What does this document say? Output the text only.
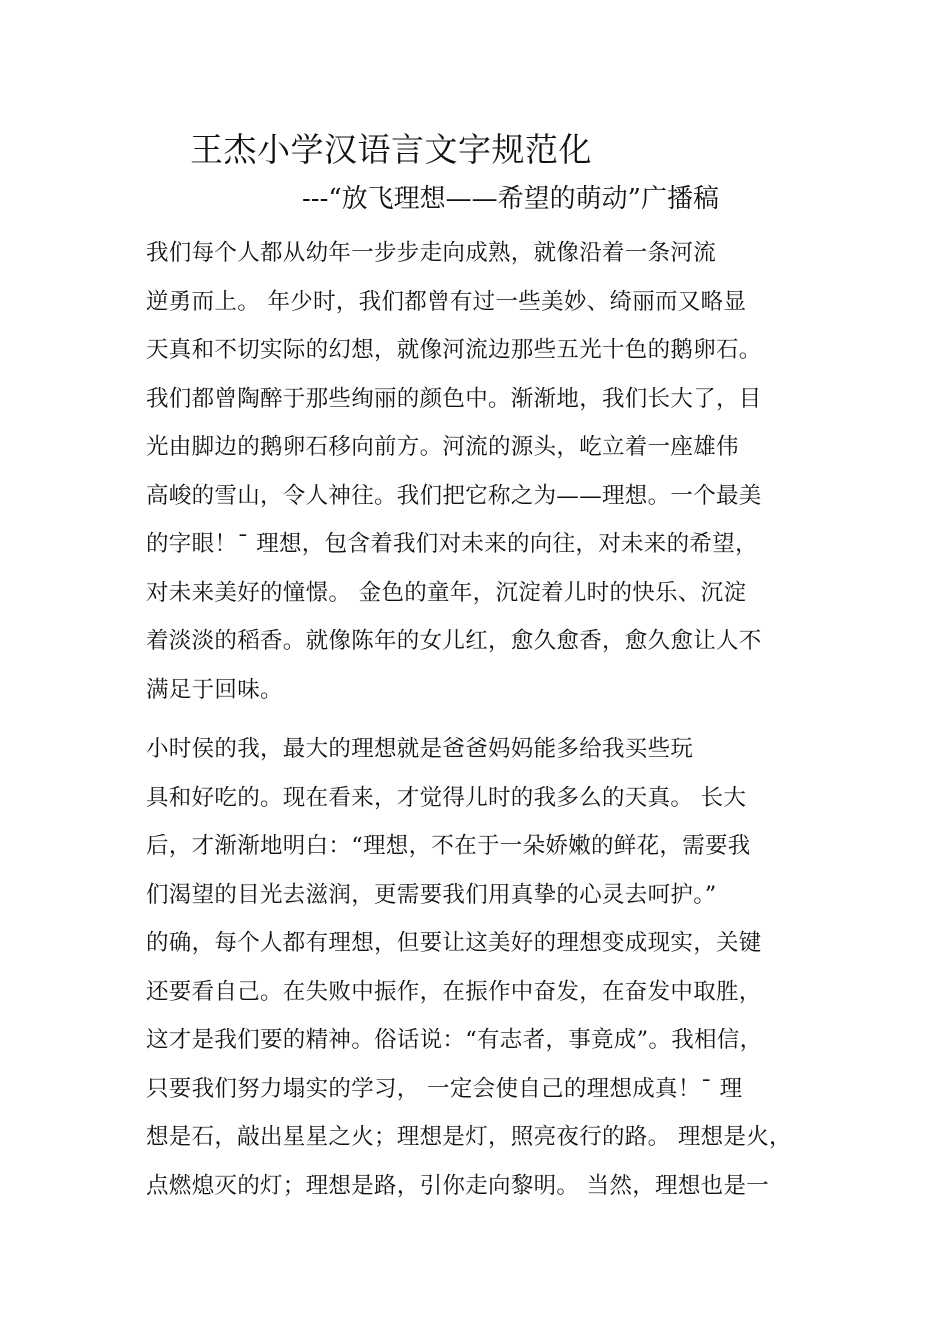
王杰小学汉语言文字规范化
---“放飞理想——希望的萌动”广播稿
我们每个人都从幼年一步步走向成熟，就像沿着一条河流
逆勇而上。 年少时，我们都曾有过一些美妙、绮丽而又略显
天真和不切实际的幻想，就像河流边那些五光十色的鹅卵石。
我们都曾陶醉于那些绚丽的颜色中。渐渐地，我们长大了，目
光由脚边的鹅卵石移向前方。河流的源头，屹立着一座雄伟
高峻的雪山，令人神往。我们把它称之为——理想。一个最美
的字眼！¯ 理想，包含着我们对未来的向往，对未来的希望，
对未来美好的憧憬。 金色的童年，沉淀着儿时的快乐、沉淀
着淡淡的稻香。就像陈年的女儿红，愈久愈香，愈久愈让人不
满足于回味。
小时侯的我，最大的理想就是爸爸妈妈能多给我买些玩
具和好吃的。现在看来，才觉得儿时的我多么的天真。 长大
后，才渐渐地明白：“理想，不在于一朵娇嫩的鲜花，需要我
们渴望的目光去滋润，更需要我们用真挚的心灵去呵护。”
的确，每个人都有理想，但要让这美好的理想变成现实，关键
还要看自己。在失败中振作，在振作中奋发，在奋发中取胜，
这才是我们要的精神。俗话说：“有志者，事竟成”。我相信，
只要我们努力塌实的学习， 一定会使自己的理想成真！¯ 理
想是石，敲出星星之火；理想是灯，照亮夜行的路。 理想是火，
点燃熄灭的灯；理想是路，引你走向黎明。 当然，理想也是一
